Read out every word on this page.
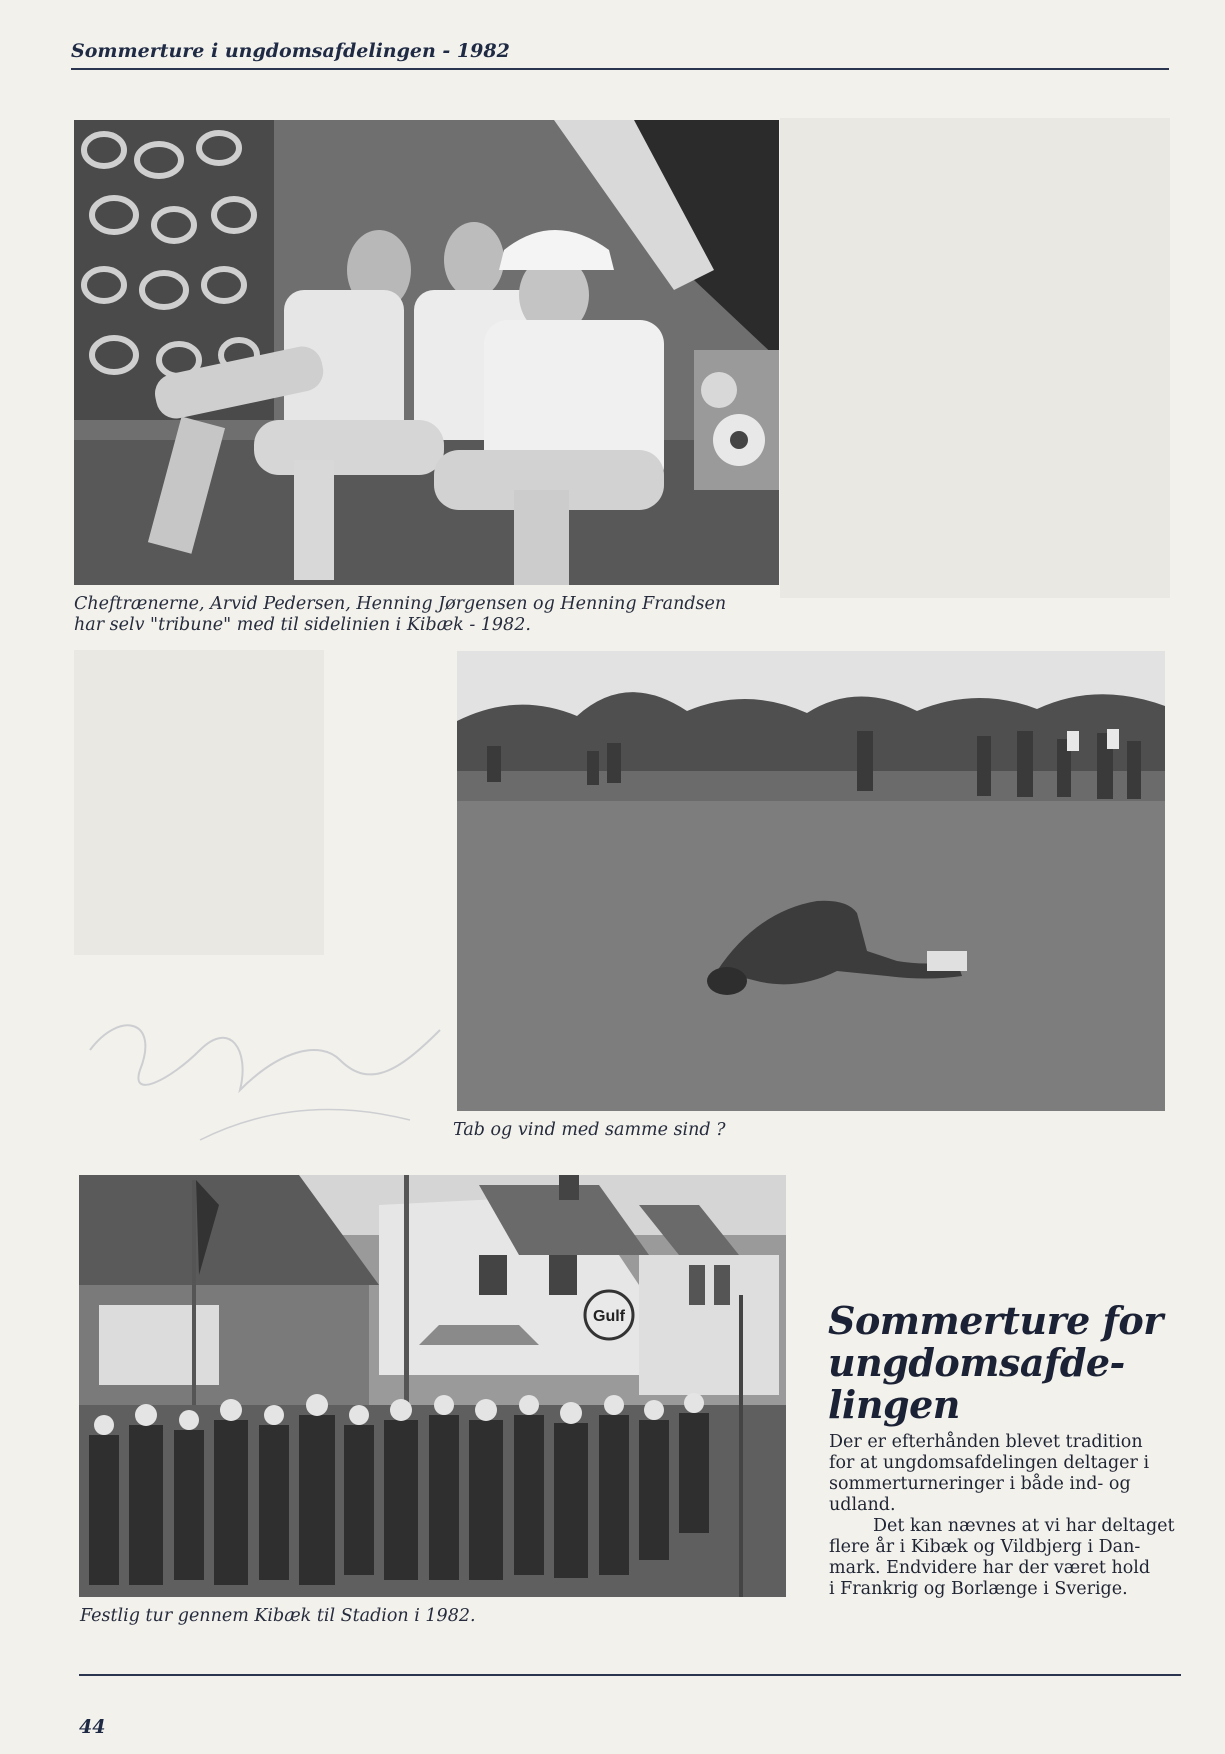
Sommerture i ungdomsafdelingen - 1982

Cheftrænerne, Arvid Pedersen, Henning Jørgensen og Henning Frandsen
har selv "tribune" med til sidelinien i Kibæk - 1982.

Tab og vind med samme sind ?

Gulf

Festlig tur gennem Kibæk til Stadion i 1982.

Sommerture for
ungdomsafde-
lingen

Der er efterhånden blevet tradition
for at ungdomsafdelingen deltager i
sommerturneringer i både ind- og
udland.

Det kan nævnes at vi har deltaget
flere år i Kibæk og Vildbjerg i Dan-
mark. Endvidere har der været hold
i Frankrig og Borlænge i Sverige.

44
